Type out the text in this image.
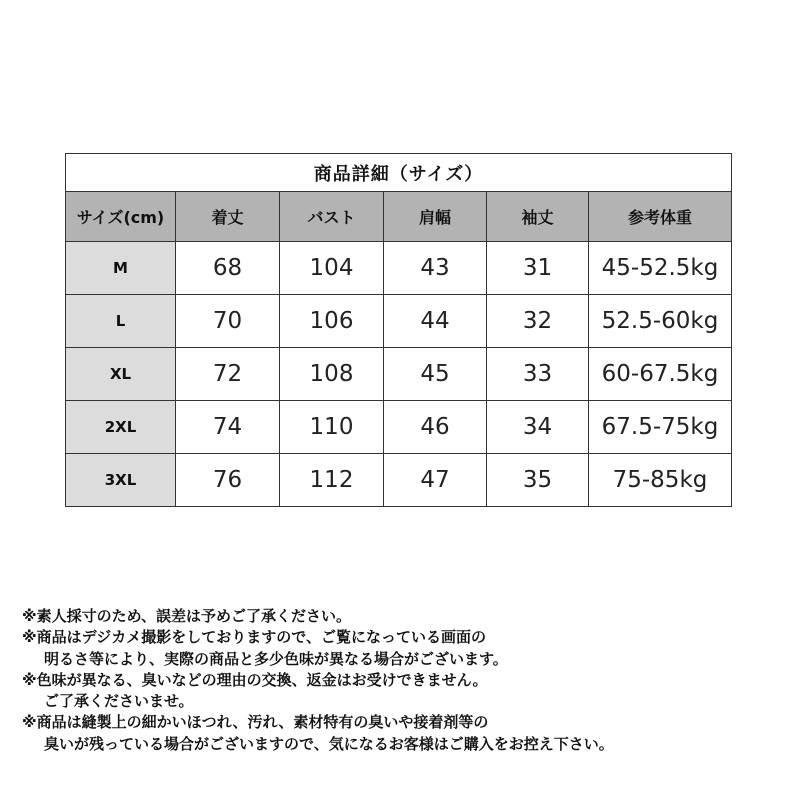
商品詳細（サイズ）
サイズ(cm)	着丈	バスト	肩幅	袖丈	参考体重
M	68	104	43	31	45-52.5kg
L	70	106	44	32	52.5-60kg
XL	72	108	45	33	60-67.5kg
2XL	74	110	46	34	67.5-75kg
3XL	76	112	47	35	75-85kg
※素人採寸のため、誤差は予めご了承ください。
※商品はデジカメ撮影をしておりますので、ご覧になっている画面の
明るさ等により、実際の商品と多少色味が異なる場合がございます。
※色味が異なる、臭いなどの理由の交換、返金はお受けできません。
ご了承くださいませ。
※商品は縫製上の細かいほつれ、汚れ、素材特有の臭いや接着剤等の
臭いが残っている場合がございますので、気になるお客様はご購入をお控え下さい。
